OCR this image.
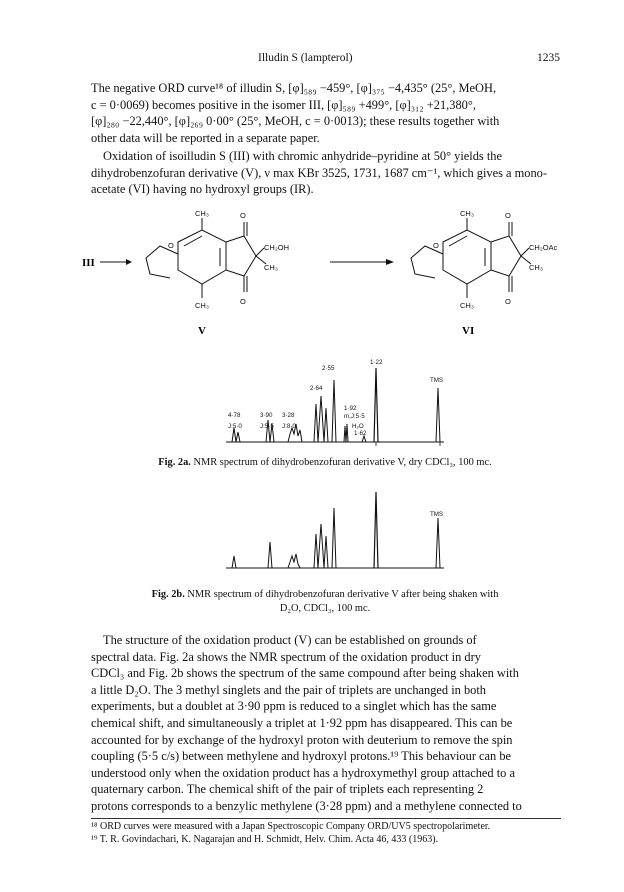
Illudin S (lampterol)	1235
The negative ORD curve¹⁸ of illudin S, [φ]₅₈₉ −459°, [φ]₃₇₅ −4,435° (25°, MeOH,
c = 0·0069) becomes positive in the isomer III, [φ]₅₈₉ +499°, [φ]₃₁₂ +21,380°,
[φ]₂₈₀ −22,440°, [φ]₂₆₉ 0·00° (25°, MeOH, c = 0·0013); these results together with
other data will be reported in a separate paper.
Oxidation of isoilludin S (III) with chromic anhydride–pyridine at 50° yields the
dihydrobenzofuran derivative (V), ν max KBr 3525, 1731, 1687 cm⁻¹, which gives a mono-
acetate (VI) having no hydroxyl groups (IR).
III
CH₃	O
O	CH₂OH
CH₃
CH₃	O
V
CH₃	O
O	CH₂OAc
CH₃
CH₃	O
VI
4·78	3·90 3·28
2·64
2·55
1·92
1·22
TMS
J:5·0	J:5·5 J:8·0
m,J:5·5
H₂O
1·62
Fig. 2a. NMR spectrum of dihydrobenzofuran derivative V, dry CDCl₃, 100 mc.
TMS
Fig. 2b. NMR spectrum of dihydrobenzofuran derivative V after being shaken with
D₂O, CDCl₃, 100 mc.
The structure of the oxidation product (V) can be established on grounds of
spectral data. Fig. 2a shows the NMR spectrum of the oxidation product in dry
CDCl₃ and Fig. 2b shows the spectrum of the same compound after being shaken with
a little D₂O. The 3 methyl singlets and the pair of triplets are unchanged in both
experiments, but a doublet at 3·90 ppm is reduced to a singlet which has the same
chemical shift, and simultaneously a triplet at 1·92 ppm has disappeared. This can be
accounted for by exchange of the hydroxyl proton with deuterium to remove the spin
coupling (5·5 c/s) between methylene and hydroxyl protons.¹⁹ This behaviour can be
understood only when the oxidation product has a hydroxymethyl group attached to a
quaternary carbon. The chemical shift of the pair of triplets each representing 2
protons corresponds to a benzylic methylene (3·28 ppm) and a methylene connected to
¹⁸ ORD curves were measured with a Japan Spectroscopic Company ORD/UV5 spectropolarimeter.
¹⁹ T. R. Govindachari, K. Nagarajan and H. Schmidt, Helv. Chim. Acta 46, 433 (1963).
